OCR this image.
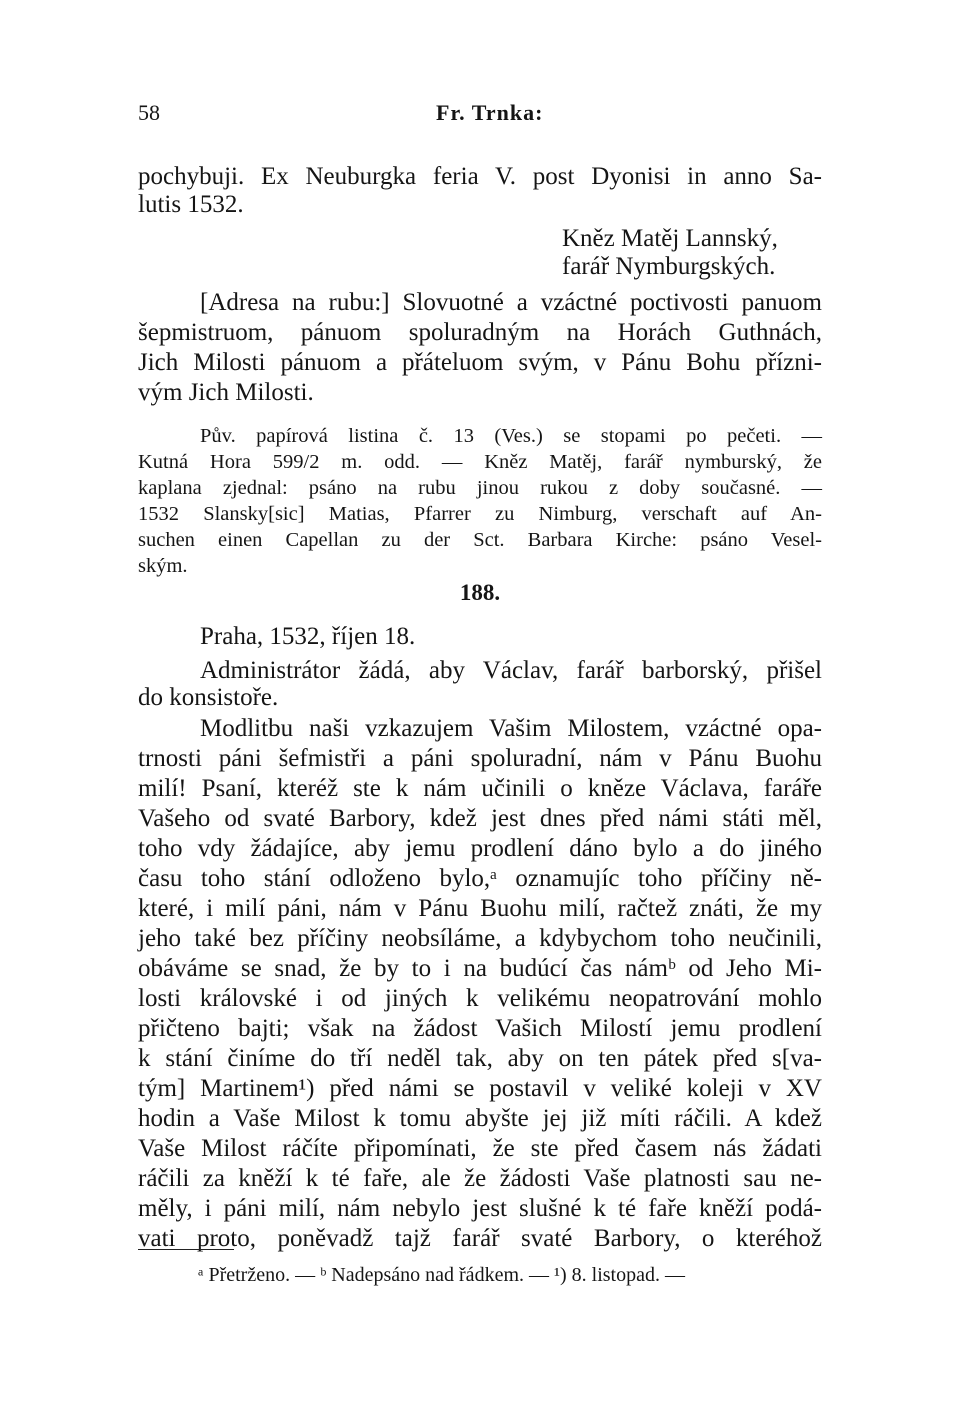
58	Fr. Trnka:
pochybuji. Ex Neuburgka feria V. post Dyonisi in anno Sa-
lutis 1532.
Kněz Matěj Lannský,
farář Nymburgských.
[Adresa na rubu:] Slovuotné a vzáctné poctivosti panuom
šepmistruom, pánuom spoluradným na Horách Guthnách,
Jich Milosti pánuom a přáteluom svým, v Pánu Bohu přízni-
vým Jich Milosti.
Pův. papírová listina č. 13 (Ves.) se stopami po pečeti. —
Kutná Hora 599/2 m. odd. — Kněz Matěj, farář nymburský, že
kaplana zjednal: psáno na rubu jinou rukou z doby současné. —
1532 Slansky[sic] Matias, Pfarrer zu Nimburg, verschaft auf An-
suchen einen Capellan zu der Sct. Barbara Kirche: psáno Vesel-
ským.
188.
Praha, 1532, říjen 18.
Administrátor žádá, aby Václav, farář barborský, přišel
do konsistoře.
Modlitbu naši vzkazujem Vašim Milostem, vzáctné opa-
trnosti páni šefmistři a páni spoluradní, nám v Pánu Buohu
milí! Psaní, kteréž ste k nám učinili o kněze Václava, faráře
Vašeho od svaté Barbory, kdež jest dnes před námi státi měl,
toho vdy žádajíce, aby jemu prodlení dáno bylo a do jiného
času toho stání odloženo bylo,ᵃ oznamujíc toho příčiny ně-
které, i milí páni, nám v Pánu Buohu milí, račtež znáti, že my
jeho také bez příčiny neobsíláme, a kdybychom toho neučinili,
obáváme se snad, že by to i na budúcí čas námᵇ od Jeho Mi-
losti královské i od jiných k velikému neopatrování mohlo
přičteno bajti; však na žádost Vašich Milostí jemu prodlení
k stání činíme do tří neděl tak, aby on ten pátek před s[va-
tým] Martinem¹) před námi se postavil v veliké koleji v XV
hodin a Vaše Milost k tomu abyšte jej již míti ráčili. A kdež
Vaše Milost ráčíte připomínati, že ste před časem nás žádati
ráčili za kněží k té faře, ale že žádosti Vaše platnosti sau ne-
měly, i páni milí, nám nebylo jest slušné k té faře kněží podá-
vati proto, poněvadž tajž farář svaté Barbory, o kteréhož
ᵃ Přetrženo. — ᵇ Nadepsáno nad řádkem. — ¹) 8. listopad. —
